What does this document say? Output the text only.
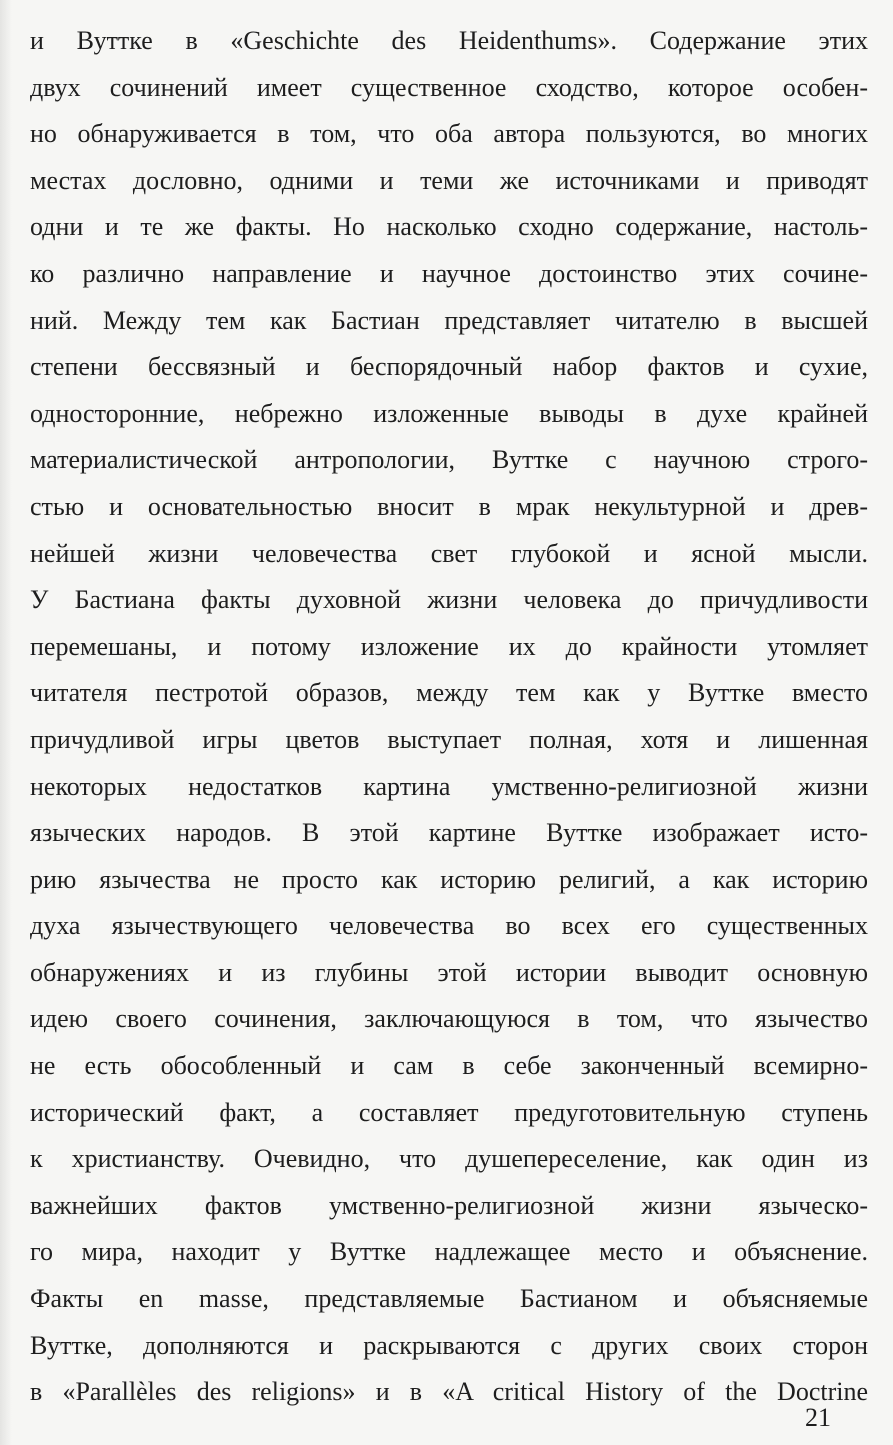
и Вуттке в «Geschichte des Heidenthums». Содержание этих
двух сочинений имеет существенное сходство, которое особен-
но обнаруживается в том, что оба автора пользуются, во многих
местах дословно, одними и теми же источниками и приводят
одни и те же факты. Но насколько сходно содержание, настоль-
ко различно направление и научное достоинство этих сочине-
ний. Между тем как Бастиан представляет читателю в высшей
степени бессвязный и беспорядочный набор фактов и сухие,
односторонние, небрежно изложенные выводы в духе крайней
материалистической антропологии, Вуттке с научною строго-
стью и основательностью вносит в мрак некультурной и древ-
нейшей жизни человечества свет глубокой и ясной мысли.
У Бастиана факты духовной жизни человека до причудливости
перемешаны, и потому изложение их до крайности утомляет
читателя пестротой образов, между тем как у Вуттке вместо
причудливой игры цветов выступает полная, хотя и лишенная
некоторых недостатков картина умственно-религиозной жизни
языческих народов. В этой картине Вуттке изображает исто-
рию язычества не просто как историю религий, а как историю
духа язычествующего человечества во всех его существенных
обнаружениях и из глубины этой истории выводит основную
идею своего сочинения, заключающуюся в том, что язычество
не есть обособленный и сам в себе законченный всемирно-
исторический факт, а составляет предуготовительную ступень
к христианству. Очевидно, что душепереселение, как один из
важнейших фактов умственно-религиозной жизни языческо-
го мира, находит у Вуттке надлежащее место и объяснение.
Факты en masse, представляемые Бастианом и объясняемые
Вуттке, дополняются и раскрываются с других своих сторон
в «Parallèles des religions» и в «A critical History of the Doctrine
21
